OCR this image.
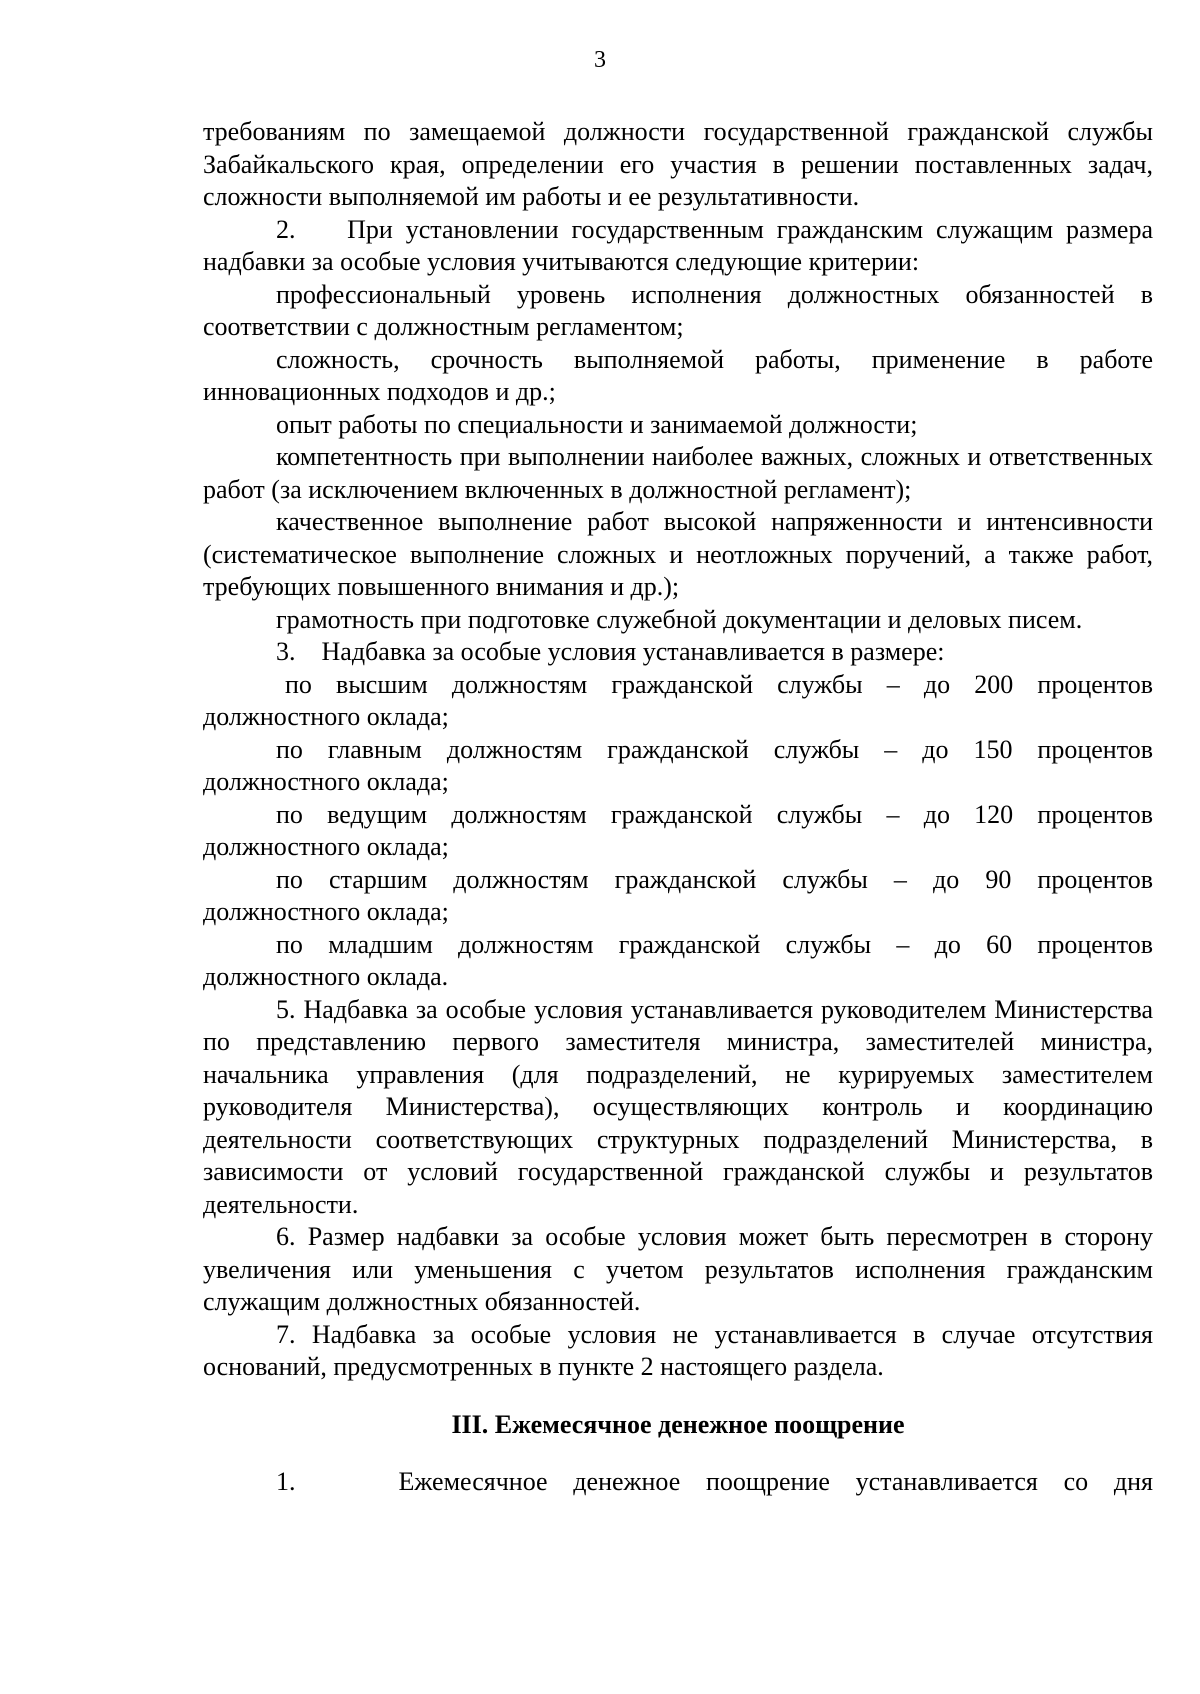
3

требованиям по замещаемой должности государственной гражданской службы Забайкальского края, определении его участия в решении поставленных задач, сложности выполняемой им работы и ее результативности.

2.    При установлении государственным гражданским служащим размера надбавки за особые условия учитываются следующие критерии:

профессиональный уровень исполнения должностных обязанностей в соответствии с должностным регламентом;

сложность, срочность выполняемой работы, применение в работе инновационных подходов и др.;

опыт работы по специальности и занимаемой должности;

компетентность при выполнении наиболее важных, сложных и ответственных работ (за исключением включенных в должностной регламент);

качественное выполнение работ высокой напряженности и интенсивности (систематическое выполнение сложных и неотложных поручений, а также работ, требующих повышенного внимания и др.);

грамотность при подготовке служебной документации и деловых писем.

3.    Надбавка за особые условия устанавливается в размере:

по высшим должностям гражданской службы – до 200 процентов должностного оклада;

по главным должностям гражданской службы – до 150 процентов должностного оклада;

по ведущим должностям гражданской службы – до 120 процентов должностного оклада;

по старшим должностям гражданской службы – до 90 процентов должностного оклада;

по младшим должностям гражданской службы – до 60 процентов должностного оклада.

5. Надбавка за особые условия устанавливается руководителем Министерства по представлению первого заместителя министра, заместителей министра, начальника управления (для подразделений, не курируемых заместителем руководителя Министерства), осуществляющих контроль и координацию деятельности соответствующих структурных подразделений Министерства, в зависимости от условий государственной гражданской службы и результатов деятельности.

6. Размер надбавки за особые условия может быть пересмотрен в сторону увеличения или уменьшения с учетом результатов исполнения гражданским служащим должностных обязанностей.

7. Надбавка за особые условия не устанавливается в случае отсутствия оснований, предусмотренных в пункте 2 настоящего раздела.

III. Ежемесячное денежное поощрение

1.    Ежемесячное денежное поощрение устанавливается со дня
